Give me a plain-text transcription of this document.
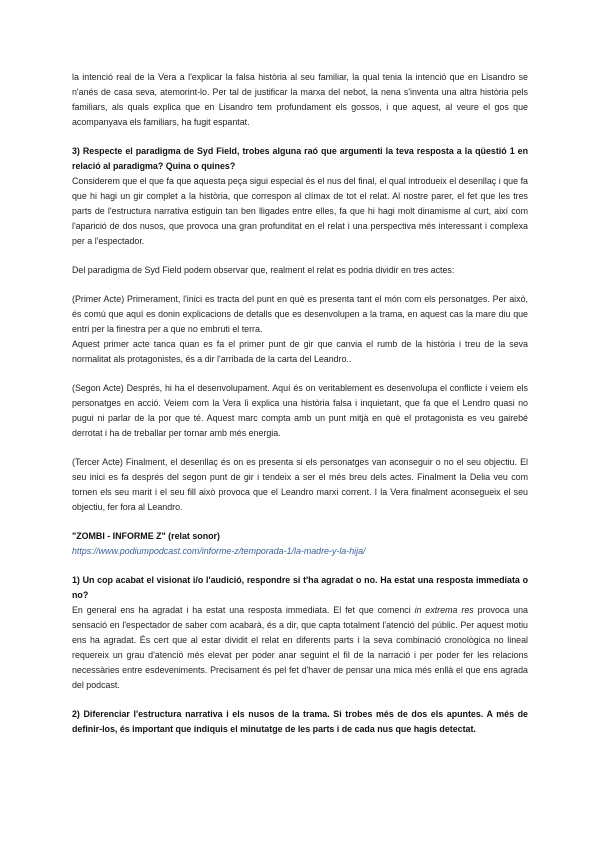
la intenció real de la Vera a l'explicar la falsa història al seu familiar, la qual tenia la intenció que en Lisandro se n'anés de casa seva, atemorint-lo. Per tal de justificar la marxa del nebot, la nena s'inventa una altra història pels familiars, als quals explica que en Lisandro tem profundament els gossos, i que aquest, al veure el gos que acompanyava els familiars, ha fugit espantat.

3) Respecte el paradigma de Syd Field, trobes alguna raó que argumenti la teva resposta a la qüestió 1 en relació al paradigma? Quina o quines?

Considerem que el que fa que aquesta peça sigui especial és el nus del final, el qual introdueix el desenllaç i que fa que hi hagi un gir complet a la història, que correspon al clímax de tot el relat. Al nostre parer, el fet que les tres parts de l'estructura narrativa estiguin tan ben lligades entre elles, fa que hi hagi molt dinamisme al curt, així com l'aparició de dos nusos, que provoca una gran profunditat en el relat i una perspectiva més interessant i complexa per a l'espectador.

Del paradigma de Syd Field podem observar que, realment el relat es podria dividir en tres actes:

(Primer Acte) Primerament, l'inici es tracta del punt en què es presenta tant el món com els personatges. Per això, és comú que aquí es donin explicacions de detalls que es desenvolupen a la trama, en aquest cas la mare diu que entri per la finestra per a que no embruti el terra.

Aquest primer acte tanca quan es fa el primer punt de gir que canvia el rumb de la història i treu de la seva normalitat als protagonistes, és a dir l'arribada de la carta del Leandro..

(Segon Acte) Després, hi ha el desenvolupament. Aquí és on veritablement es desenvolupa el conflicte i veiem els personatges en acció. Veiem com la Vera li explica una història falsa i inquietant, que fa que el Lendro quasi no pugui ni parlar de la por que té. Aquest marc compta amb un punt mitjà en què el protagonista es veu gairebé derrotat i ha de treballar per tornar amb més energia.

(Tercer Acte) Finalment, el desenllaç és on es presenta si els personatges van aconseguir o no el seu objectiu. El seu inici es fa després del segon punt de gir i tendeix a ser el més breu dels actes. Finalment la Delia veu com tornen els seu marit i el seu fill això provoca que el Leandro marxi corrent. I la Vera finalment aconsegueix el seu objectiu, fer fora al Leandro.

"ZOMBI - INFORME Z" (relat sonor)

https://www.podiumpodcast.com/informe-z/temporada-1/la-madre-y-la-hija/

1) Un cop acabat el visionat i/o l'audició, respondre si t'ha agradat o no. Ha estat una resposta immediata o no?

En general ens ha agradat i ha estat una resposta immediata. El fet que comenci in extrema res provoca una sensació en l'espectador de saber com acabarà, és a dir, que capta totalment l'atenció del públic. Per aquest motiu ens ha agradat. És cert que al estar dividit el relat en diferents parts i la seva combinació cronològica no lineal requereix un grau d'atenció més elevat per poder anar seguint el fil de la narració i per poder fer les relacions necessàries entre esdeveniments. Precisament és pel fet d'haver de pensar una mica més enllà el que ens agrada del podcast.

2) Diferenciar l'estructura narrativa i els nusos de la trama. Si trobes més de dos els apuntes. A més de definir-los, és important que indiquis el minutatge de les parts i de cada nus que hagis detectat.
